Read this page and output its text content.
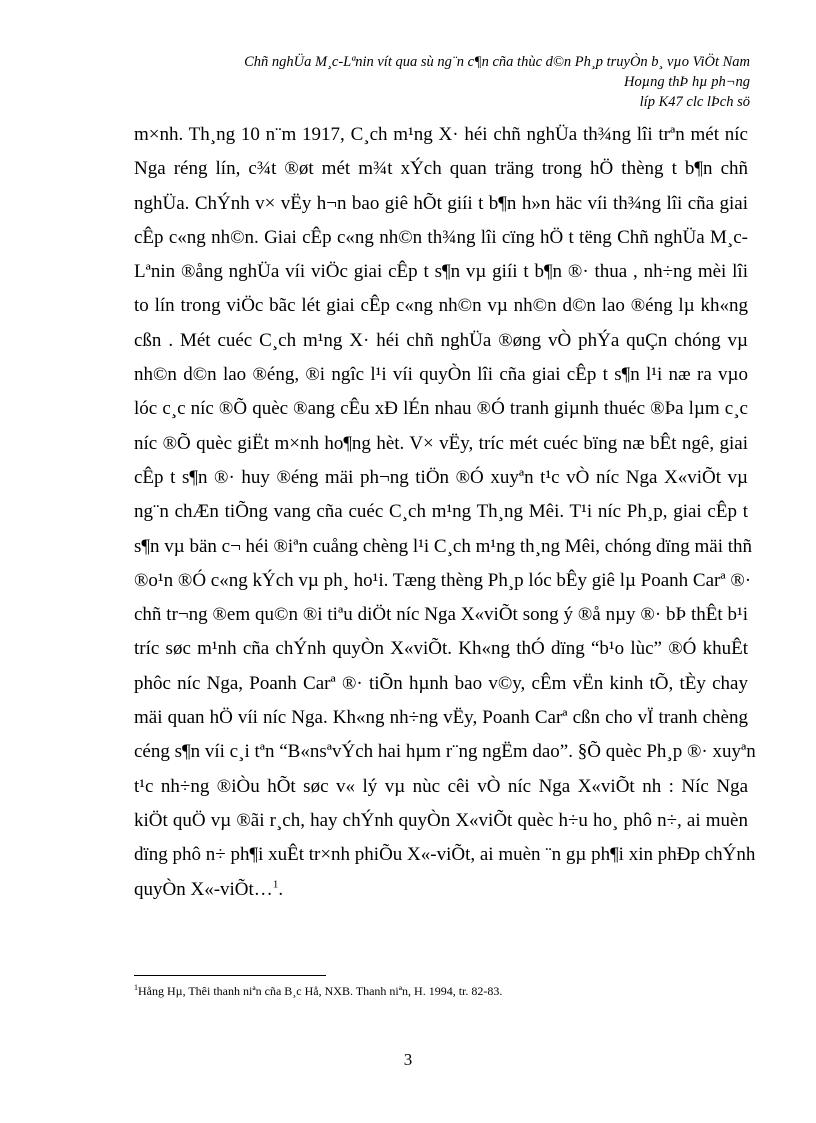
Chñ nghÜa M¸c-Lªnin vít qua sù ng¨n c¶n cña thùc d©n Ph¸p truyÒn b¸ vµo ViÖt Nam
Hoµng thÞ hµ ph¬ng
líp K47 clc lÞch sö
m×nh. Th¸ng 10 n¨m 1917, C¸ch m¹ng X· héi chñ nghÜa th¾ng lîi trªn mét níc
Nga réng lín, c¾t ®øt mét m¾t xÝch quan träng trong hÖ thèng t b¶n chñ
nghÜa. ChÝnh v× vËy h¬n bao giê hÕt giíi t b¶n h»n häc víi th¾ng lîi cña giai
cÊp c«ng nh©n. Giai cÊp c«ng nh©n th¾ng lîi cïng hÖ t tëng Chñ nghÜa M¸c-
Lªnin ®ång nghÜa víi viÖc giai cÊp t s¶n vµ giíi t b¶n ®· thua , nh÷ng mèi lîi
to lín trong viÖc bãc lét giai cÊp c«ng nh©n vµ nh©n d©n lao ®éng lµ kh«ng
cßn . Mét cuéc C¸ch m¹ng X· héi chñ nghÜa ®øng vÒ phÝa quÇn chóng vµ
nh©n d©n lao ®éng, ®i ngîc l¹i víi quyÒn lîi cña giai cÊp t s¶n l¹i næ ra vµo
lóc c¸c níc ®Õ quèc ®ang cÊu xÐ lÉn nhau ®Ó tranh giµnh thuéc ®Þa lµm c¸c
níc ®Õ quèc giËt m×nh ho¶ng hèt. V× vËy, tríc mét cuéc bïng næ bÊt ngê, giai
cÊp t s¶n ®· huy ®éng mäi ph¬ng tiÖn ®Ó xuyªn t¹c vÒ níc Nga X«viÕt vµ
ng¨n chÆn tiÕng vang cña cuéc C¸ch m¹ng Th¸ng Mêi. T¹i níc Ph¸p, giai cÊp t
s¶n vµ bän c¬ héi ®iªn cuång chèng l¹i C¸ch m¹ng th¸ng Mêi, chóng dïng mäi thñ
®o¹n ®Ó c«ng kÝch vµ ph¸ ho¹i. Tæng thèng Ph¸p lóc bÊy giê lµ Poanh Carª ®·
chñ tr¬ng ®em qu©n ®i tiªu diÖt níc Nga X«viÕt song ý ®å nµy ®· bÞ thÊt b¹i
tríc søc m¹nh cña chÝnh quyÒn X«viÕt. Kh«ng thÓ dïng “b¹o lùc” ®Ó khuÊt
phôc níc Nga, Poanh Carª ®· tiÕn hµnh bao v©y, cÊm vËn kinh tÕ, tÈy chay
mäi quan hÖ víi níc Nga. Kh«ng nh÷ng vËy, Poanh Carª cßn cho vÏ tranh chèng
céng s¶n víi c¸i tªn “B«nsªvÝch hai hµm r¨ng ngËm dao”. §Õ quèc Ph¸p ®· xuyªn
t¹c nh÷ng ®iÒu hÕt søc v« lý vµ nùc cêi vÒ níc Nga X«viÕt nh : Níc Nga
kiÖt quÖ vµ ®ãi r¸ch, hay chÝnh quyÒn X«viÕt quèc h÷u ho¸ phô n÷, ai muèn
dïng phô n÷ ph¶i xuÊt tr×nh phiÕu X«-viÕt, ai muèn ¨n gµ ph¶i xin phÐp chÝnh
quyÒn X«-viÕt…$^1$.
$^1$Hång Hµ, Thêi thanh niªn cña B¸c Hå, NXB. Thanh niªn, H. 1994, tr. 82-83.
3
